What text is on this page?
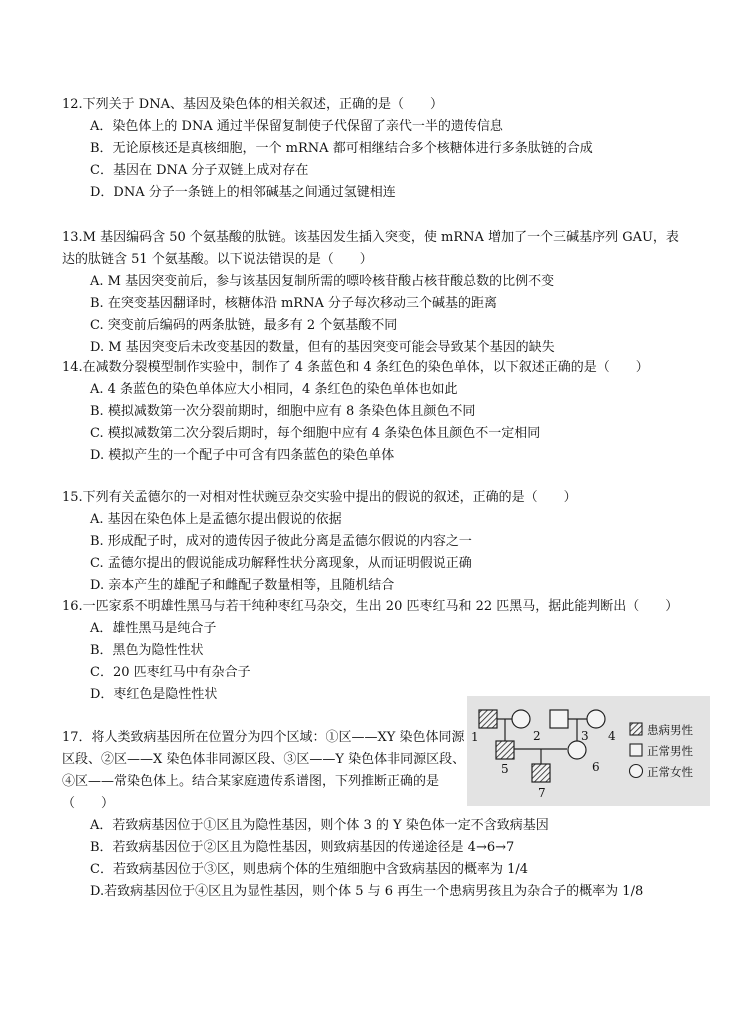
12.下列关于 DNA、基因及染色体的相关叙述，正确的是（　　）
A．染色体上的 DNA 通过半保留复制使子代保留了亲代一半的遗传信息
B．无论原核还是真核细胞，一个 mRNA 都可相继结合多个核糖体进行多条肽链的合成
C．基因在 DNA 分子双链上成对存在
D．DNA 分子一条链上的相邻碱基之间通过氢键相连
13.M 基因编码含 50 个氨基酸的肽链。该基因发生插入突变，使 mRNA 增加了一个三碱基序列 GAU，表达的肽链含 51 个氨基酸。以下说法错误的是（　　）
A. M 基因突变前后，参与该基因复制所需的嘌呤核苷酸占核苷酸总数的比例不变
B. 在突变基因翻译时，核糖体沿 mRNA 分子每次移动三个碱基的距离
C. 突变前后编码的两条肽链，最多有 2 个氨基酸不同
D. M 基因突变后未改变基因的数量，但有的基因突变可能会导致某个基因的缺失
14.在减数分裂模型制作实验中，制作了 4 条蓝色和 4 条红色的染色单体，以下叙述正确的是（　　）
A. 4 条蓝色的染色单体应大小相同，4 条红色的染色单体也如此
B. 模拟减数第一次分裂前期时，细胞中应有 8 条染色体且颜色不同
C. 模拟减数第二次分裂后期时，每个细胞中应有 4 条染色体且颜色不一定相同
D. 模拟产生的一个配子中可含有四条蓝色的染色单体
15.下列有关孟德尔的一对相对性状豌豆杂交实验中提出的假说的叙述，正确的是（　　）
A. 基因在染色体上是孟德尔提出假说的依据
B. 形成配子时，成对的遗传因子彼此分离是孟德尔假说的内容之一
C. 孟德尔提出的假说能成功解释性状分离现象，从而证明假说正确
D. 亲本产生的雄配子和雌配子数量相等，且随机结合
16.一匹家系不明雄性黑马与若干纯种枣红马杂交，生出 20 匹枣红马和 22 匹黑马，据此能判断出（　　）
A．雄性黑马是纯合子
B．黑色为隐性性状
C．20 匹枣红马中有杂合子
D．枣红色是隐性性状
17．将人类致病基因所在位置分为四个区域：①区——XY 染色体同源区段、②区——X 染色体非同源区段、③区——Y 染色体非同源区段、④区——常染色体上。结合某家庭遗传系谱图，下列推断正确的是（　　）
A．若致病基因位于①区且为隐性基因，则个体 3 的 Y 染色体一定不含致病基因
B．若致病基因位于②区且为隐性基因，则致病基因的传递途径是 4→6→7
C．若致病基因位于③区，则患病个体的生殖细胞中含致病基因的概率为 1/4
D.若致病基因位于④区且为显性基因，则个体 5 与 6 再生一个患病男孩且为杂合子的概率为 1/8
1	2	3 4
5	6
7
患病男性
正常男性
正常女性
